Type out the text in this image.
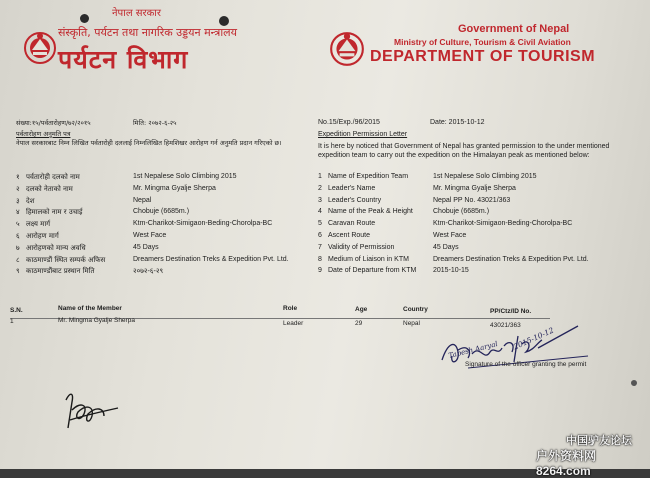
नेपाल सरकार
संस्कृति, पर्यटन तथा नागरिक उड्डयन मन्त्रालय
पर्यटन विभाग
Government of Nepal
Ministry of Culture, Tourism & Civil Aviation
DEPARTMENT OF TOURISM
संख्या:१५/पर्वतारोहण/७२/२०१५	मिति: २०७२-६-२५
पर्वतारोहण अनुमति पत्र
नेपाल सरकारबाट निम्न लिखित पर्वतारोही दललाई निम्नलिखित हिमशिखर आरोहण गर्न अनुमति प्रदान गरिएको छ।
No.15/Exp./96/2015	Date: 2015-10-12
Expedition Permission Letter
It is here by noticed that Government of Nepal has granted permission to the under mentioned expedition team to carry out the expedition on the Himalayan peak as mentioned below:
१ पर्वतारोही दलको नाम	1st Nepalese Solo Climbing 2015	1 Name of Expedition Team	1st Nepalese Solo Climbing 2015
२ दलको नेताको नाम	Mr. Mingma Gyalje Sherpa	2 Leader's Name	Mr. Mingma Gyalje Sherpa
३ देश	Nepal	3 Leader's Country	Nepal PP No. 43021/363
४ हिमालको नाम र उचाई	Chobuje (6685m.)	4 Name of the Peak & Height	Chobuje (6685m.)
५ लक्ष्य मार्ग	Ktm-Charikot-Simigaon-Beding-Chorolpa-BC	5 Caravan Route	Ktm-Charikot-Simigaon-Beding-Chorolpa-BC
६ आरोहण मार्ग	West Face	6 Ascent Route	West Face
७ आरोहणको मान्य अवधि	45 Days	7 Validity of Permission	45 Days
८ काठमाण्डौं स्थित सम्पर्क अफिस	Dreamers Destination Treks & Expedition Pvt. Ltd.	8 Medium of Liaison in KTM	Dreamers Destination Treks & Expedition Pvt. Ltd.
९ काठमाण्डौंबाट प्रस्थान मिति	२०७२-६-२९	9 Date of Departure from KTM 2015-10-15
S.N.	Name of the Member	Role	Age	Country	PP/Ctz/ID No.
1	Mr. Mingma Gyalje Sherpa	Leader	29	Nepal	43021/363
Tapesh Aaryal 2015-10-12
Signature of the officer granting the permit
中国驴友论坛
户外资料网 8264.com
